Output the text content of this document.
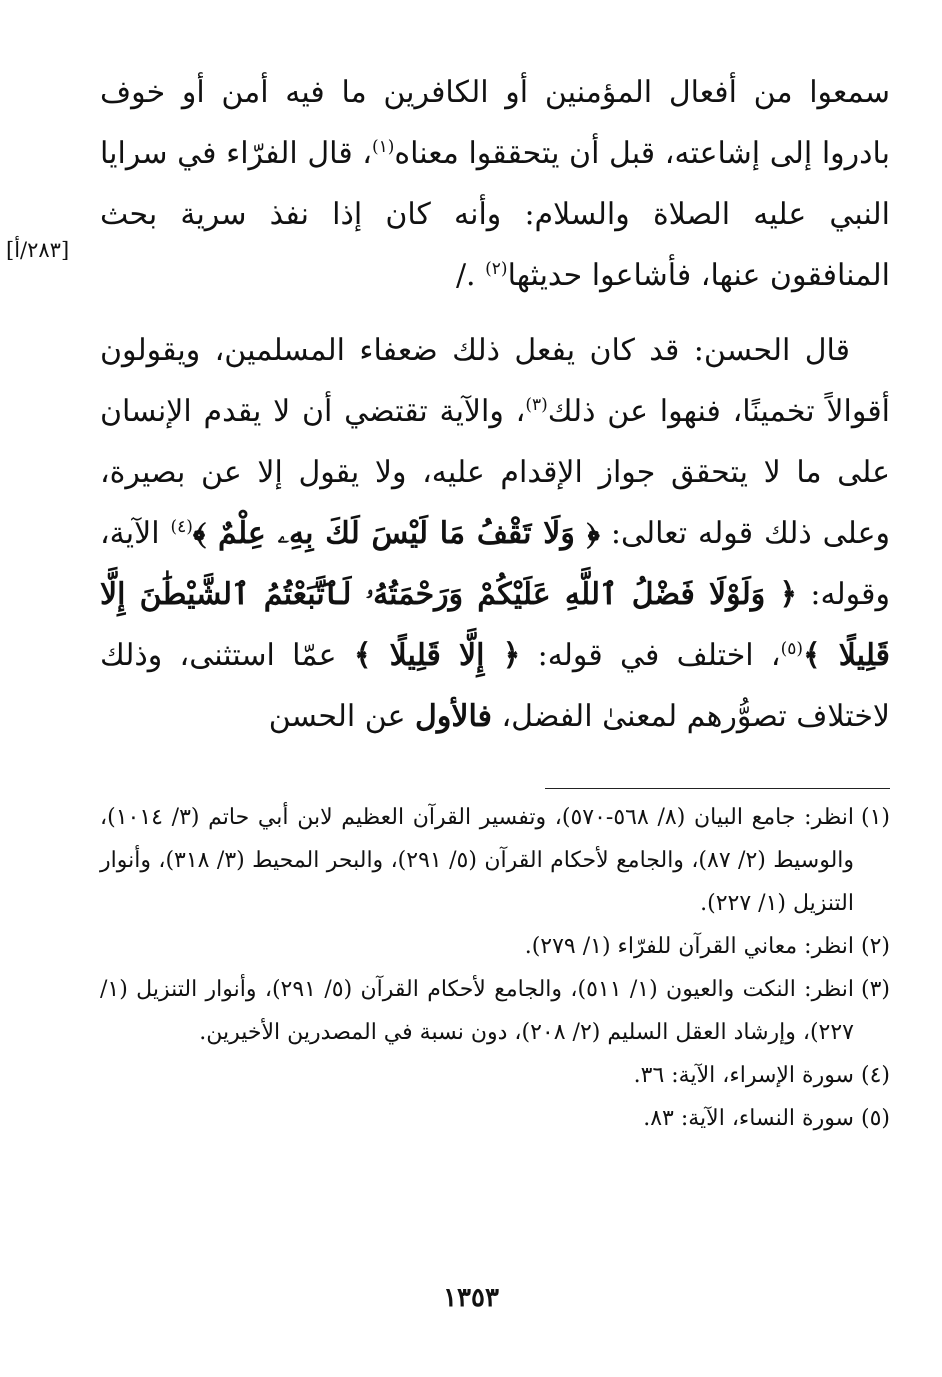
[٢٨٣/أ]

سمعوا من أفعال المؤمنين أو الكافرين ما فيه أمن أو خوف بادروا إلى إشاعته، قبل أن يتحققوا معناه$^{(١)}$، قال الفرّاء في سرايا النبي عليه الصلاة والسلام: وأنه كان إذا نفذ سرية بحث المنافقون عنها، فأشاعوا حديثها$^{(٢)}$ ./

قال الحسن: قد كان يفعل ذلك ضعفاء المسلمين، ويقولون أقوالاً تخمينًا، فنهوا عن ذلك$^{(٣)}$، والآية تقتضي أن لا يقدم الإنسان على ما لا يتحقق جواز الإقدام عليه، ولا يقول إلا عن بصيرة، وعلى ذلك قوله تعالى: ﴿ وَلَا تَقْفُ مَا لَيْسَ لَكَ بِهِۦ عِلْمٌ ﴾$^{(٤)}$ الآية، وقوله: ﴿ وَلَوْلَا فَضْلُ ٱللَّهِ عَلَيْكُمْ وَرَحْمَتُهُۥ لَٱتَّبَعْتُمُ ٱلشَّيْطَٰنَ إِلَّا قَلِيلًا ﴾$^{(٥)}$، اختلف في قوله: ﴿ إِلَّا قَلِيلًا ﴾ عمّا استثنى، وذلك لاختلاف تصوُّرهم لمعنىٰ الفضل، فالأول عن الحسن

(١)انظر: جامع البيان (٨/ ٥٦٨-٥٧٠)، وتفسير القرآن العظيم لابن أبي حاتم (٣/ ١٠١٤)، والوسيط (٢/ ٨٧)، والجامع لأحكام القرآن (٥/ ٢٩١)، والبحر المحيط (٣/ ٣١٨)، وأنوار التنزيل (١/ ٢٢٧).
(٢)انظر: معاني القرآن للفرّاء (١/ ٢٧٩).
(٣)انظر: النكت والعيون (١/ ٥١١)، والجامع لأحكام القرآن (٥/ ٢٩١)، وأنوار التنزيل (١/ ٢٢٧)، وإرشاد العقل السليم (٢/ ٢٠٨)، دون نسبة في المصدرين الأخيرين.
(٤)سورة الإسراء، الآية: ٣٦.
(٥)سورة النساء، الآية: ٨٣.
١٣٥٣
